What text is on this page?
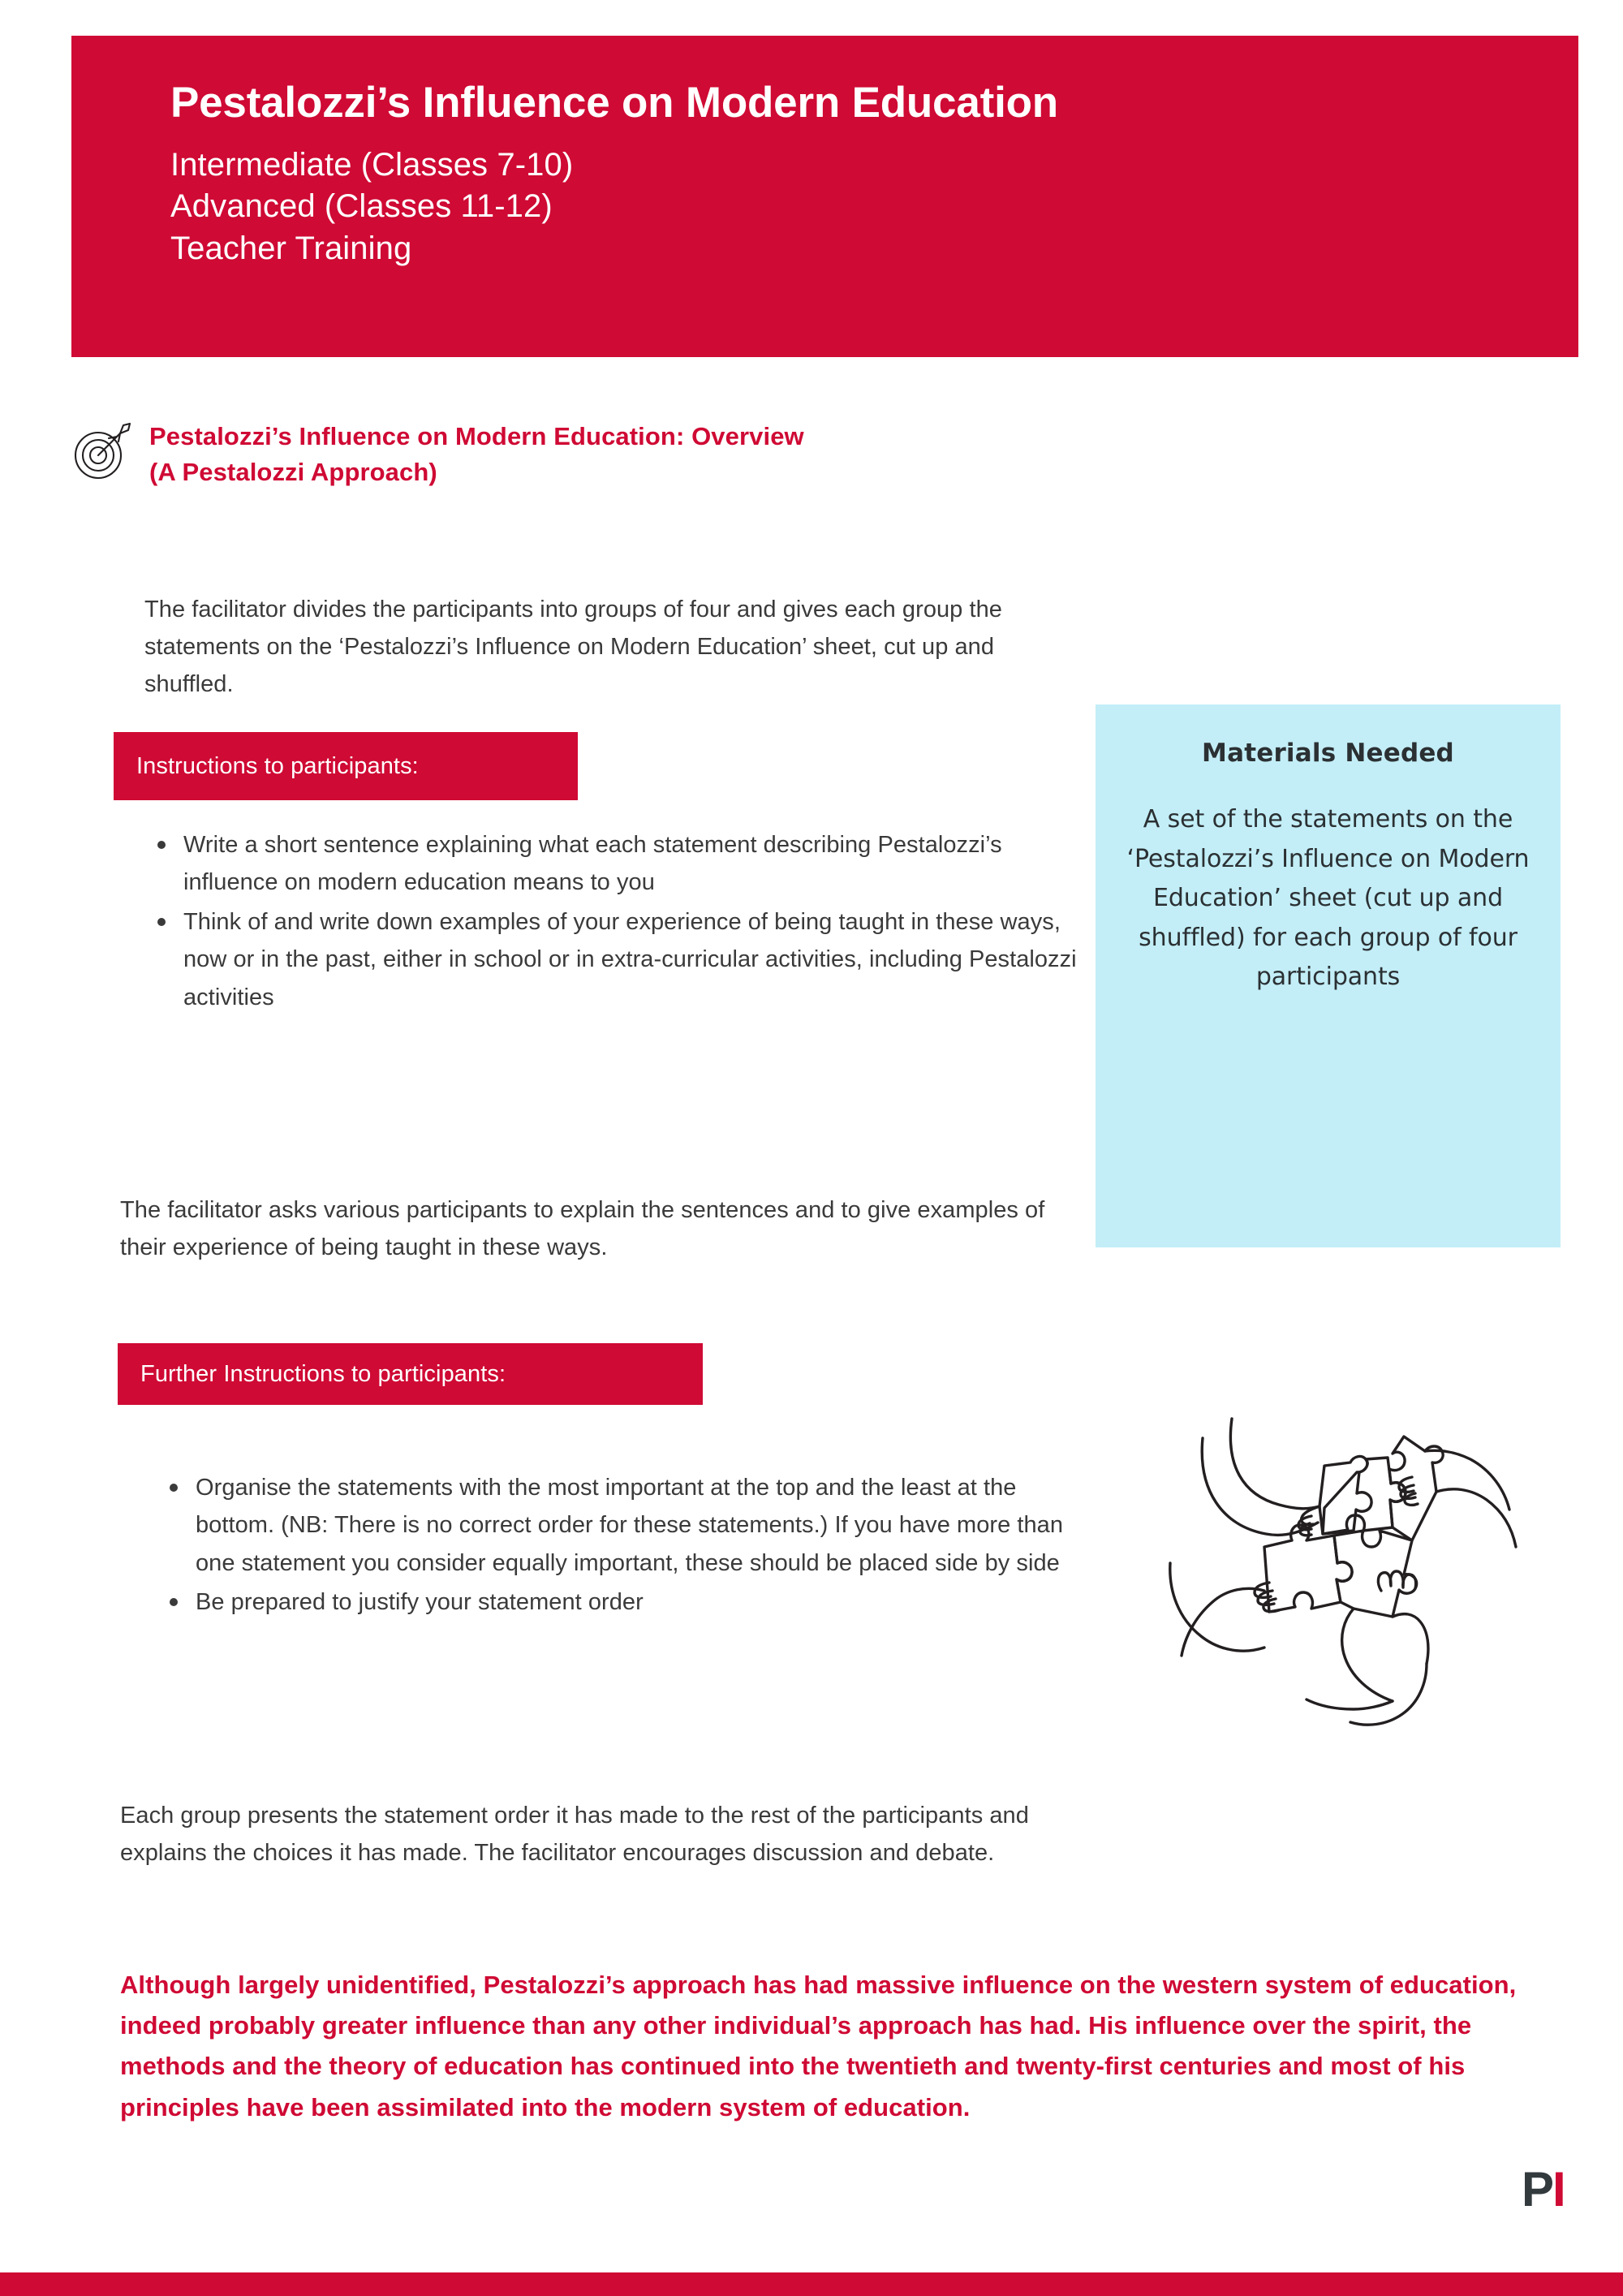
Pestalozzi’s Influence on Modern Education

Intermediate (Classes 7-10)

Advanced (Classes 11-12)

Teacher Training

Pestalozzi’s Influence on Modern Education: Overview
(A Pestalozzi Approach)

The facilitator divides the participants into groups of four and gives each group the statements on the ‘Pestalozzi’s Influence on Modern Education’ sheet, cut up and shuffled.

Instructions to participants:
Write a short sentence explaining what each statement describing Pestalozzi’s influence on modern education means to you
Think of and write down examples of your experience of being taught in these ways, now or in the past, either in school or in extra-curricular activities, including Pestalozzi activities

The facilitator asks various participants to explain the sentences and to give examples of their experience of being taught in these ways.

Materials Needed

A set of the statements on the ‘Pestalozzi’s Influence on Modern Education’ sheet (cut up and shuffled) for each group of four participants

Further Instructions to participants:
Organise the statements with the most important at the top and the least at the bottom. (NB: There is no correct order for these statements.) If you have more than one statement you consider equally important, these should be placed side by side
Be prepared to justify your statement order

Each group presents the statement order it has made to the rest of the participants and explains the choices it has made. The facilitator encourages discussion and debate.

Although largely unidentified, Pestalozzi’s approach has had massive influence on the western system of education, indeed probably greater influence than any other individual’s approach has had. His influence over the spirit, the methods and the theory of education has continued into the twentieth and twenty-first centuries and most of his principles have been assimilated into the modern system of education.

PI
